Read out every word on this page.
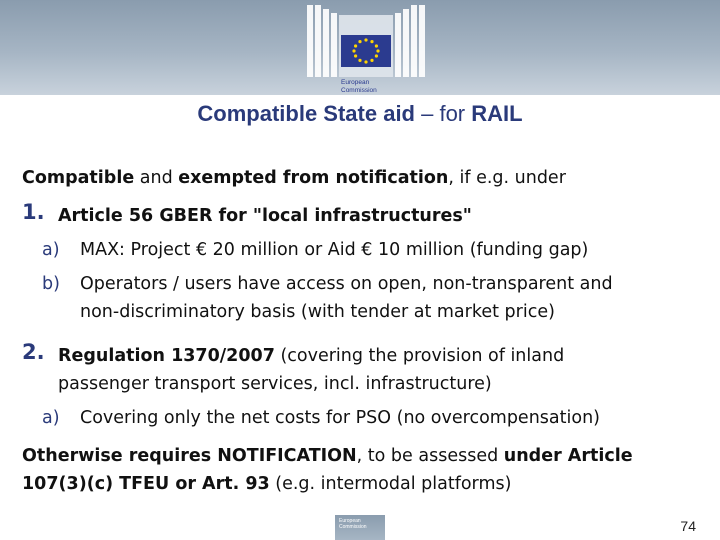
European
Commission
Compatible State aid – for RAIL
Compatible and exempted from notification, if e.g. under
1. Article 56 GBER for "local infrastructures"
a) MAX: Project € 20 million or Aid € 10 million (funding gap)
b) Operators / users have access on open, non-transparent and
non-discriminatory basis (with tender at market price)
2. Regulation 1370/2007 (covering the provision of inland
passenger transport services, incl. infrastructure)
a) Covering only the net costs for PSO (no overcompensation)
Otherwise requires NOTIFICATION, to be assessed under Article
107(3)(c) TFEU or Art. 93 (e.g. intermodal platforms)
European Commission	74
